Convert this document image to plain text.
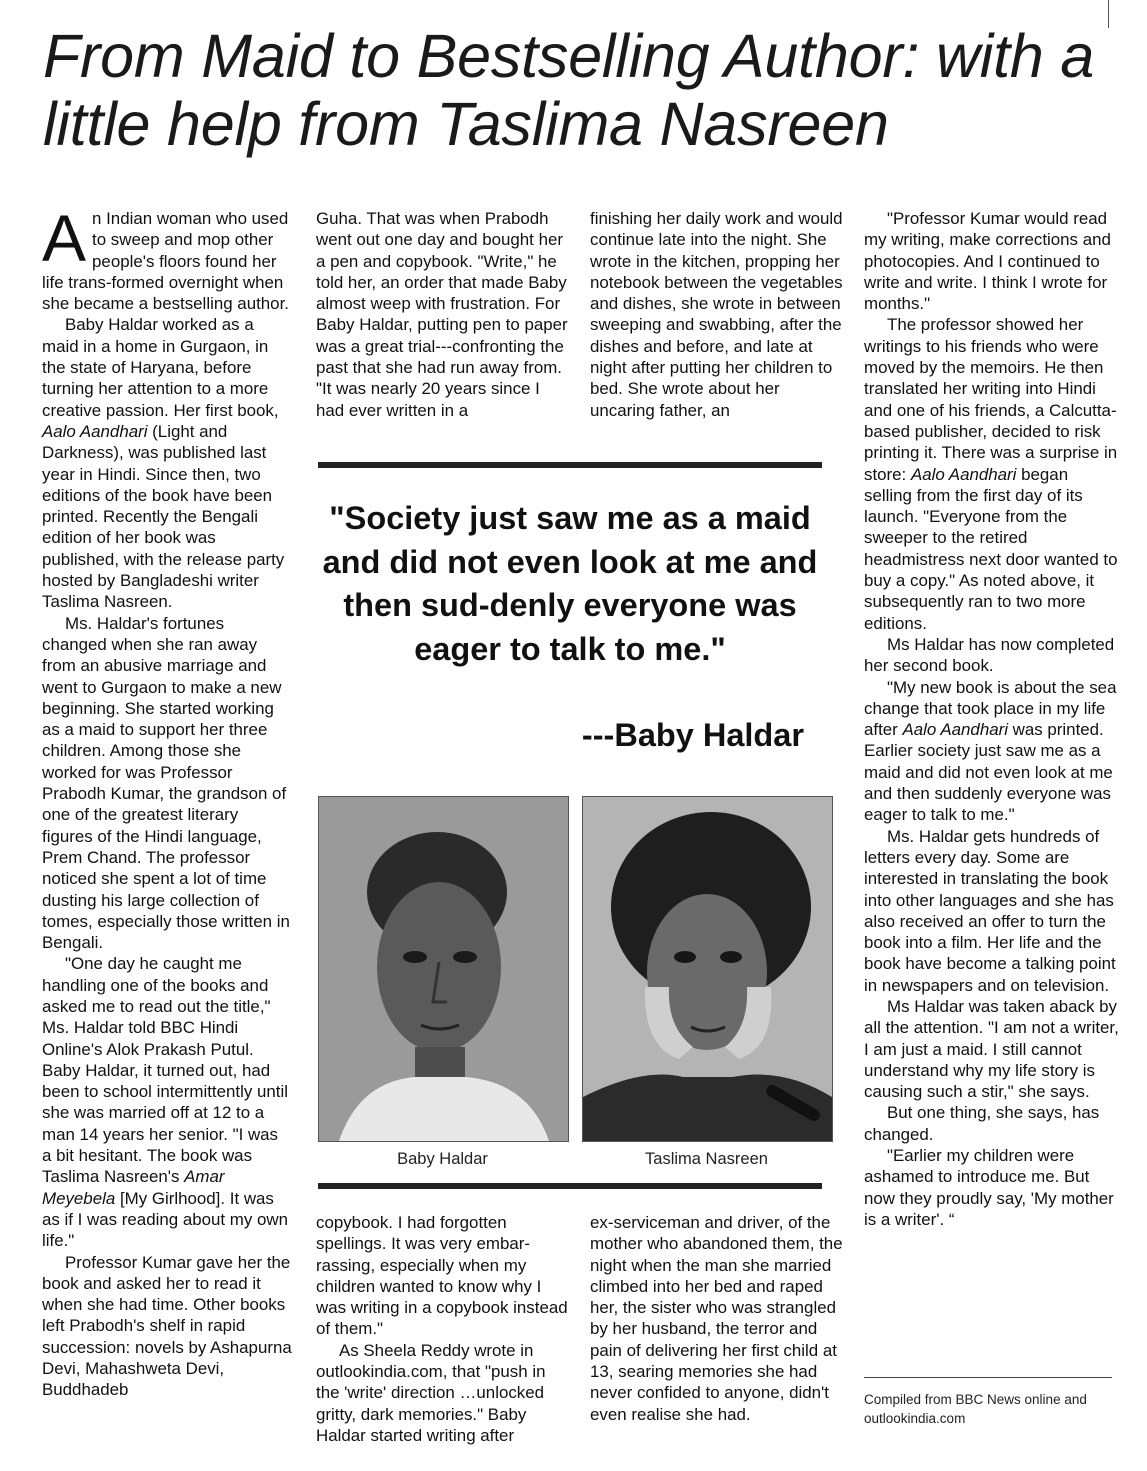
From Maid to Bestselling Author: with a little help from Taslima Nasreen

An Indian woman who used to sweep and mop other people's floors found her life trans-formed overnight when she became a bestselling author.

Baby Haldar worked as a maid in a home in Gurgaon, in the state of Haryana, before turning her attention to a more creative passion. Her first book, Aalo Aandhari (Light and Darkness), was published last year in Hindi. Since then, two editions of the book have been printed. Recently the Bengali edition of her book was published, with the release party hosted by Bangladeshi writer Taslima Nasreen.

Ms. Haldar's fortunes changed when she ran away from an abusive marriage and went to Gurgaon to make a new beginning. She started working as a maid to support her three children. Among those she worked for was Professor Prabodh Kumar, the grandson of one of the greatest literary figures of the Hindi language, Prem Chand. The professor noticed she spent a lot of time dusting his large collection of tomes, especially those written in Bengali.

"One day he caught me handling one of the books and asked me to read out the title," Ms. Haldar told BBC Hindi Online's Alok Prakash Putul. Baby Haldar, it turned out, had been to school intermittently until she was married off at 12 to a man 14 years her senior. "I was a bit hesitant. The book was Taslima Nasreen's Amar Meyebela [My Girlhood]. It was as if I was reading about my own life."

Professor Kumar gave her the book and asked her to read it when she had time. Other books left Prabodh's shelf in rapid succession: novels by Ashapurna Devi, Mahashweta Devi, Buddhadeb

Guha. That was when Prabodh went out one day and bought her a pen and copybook. "Write," he told her, an order that made Baby almost weep with frustration. For Baby Haldar, putting pen to paper was a great trial---confronting the past that she had run away from. "It was nearly 20 years since I had ever written in a

finishing her daily work and would continue late into the night. She wrote in the kitchen, propping her notebook between the vegetables and dishes, she wrote in between sweeping and swabbing, after the dishes and before, and late at night after putting her children to bed. She wrote about her uncaring father, an

"Society just saw me as a maid and did not even look at me and then sud-denly everyone was eager to talk to me."

---Baby Haldar
Baby Haldar	Taslima Nasreen

copybook. I had forgotten spellings. It was very embar-rassing, especially when my children wanted to know why I was writing in a copybook instead of them."

As Sheela Reddy wrote in outlookindia.com, that "push in the 'write' direction …unlocked gritty, dark memories." Baby Haldar started writing after

ex-serviceman and driver, of the mother who abandoned them, the night when the man she married climbed into her bed and raped her, the sister who was strangled by her husband, the terror and pain of delivering her first child at 13, searing memories she had never confided to anyone, didn't even realise she had.

"Professor Kumar would read my writing, make corrections and photocopies. And I continued to write and write. I think I wrote for months."

The professor showed her writings to his friends who were moved by the memoirs. He then translated her writing into Hindi and one of his friends, a Calcutta-based publisher, decided to risk printing it. There was a surprise in store: Aalo Aandhari began selling from the first day of its launch. "Everyone from the sweeper to the retired headmistress next door wanted to buy a copy." As noted above, it subsequently ran to two more editions.

Ms Haldar has now completed her second book.

"My new book is about the sea change that took place in my life after Aalo Aandhari was printed. Earlier society just saw me as a maid and did not even look at me and then suddenly everyone was eager to talk to me."

Ms. Haldar gets hundreds of letters every day. Some are interested in translating the book into other languages and she has also received an offer to turn the book into a film. Her life and the book have become a talking point in newspapers and on television.

Ms Haldar was taken aback by all the attention. "I am not a writer, I am just a maid. I still cannot understand why my life story is causing such a stir," she says.

But one thing, she says, has changed.

"Earlier my children were ashamed to introduce me. But now they proudly say, 'My mother is a writer'. “

Compiled from BBC News online and outlookindia.com
